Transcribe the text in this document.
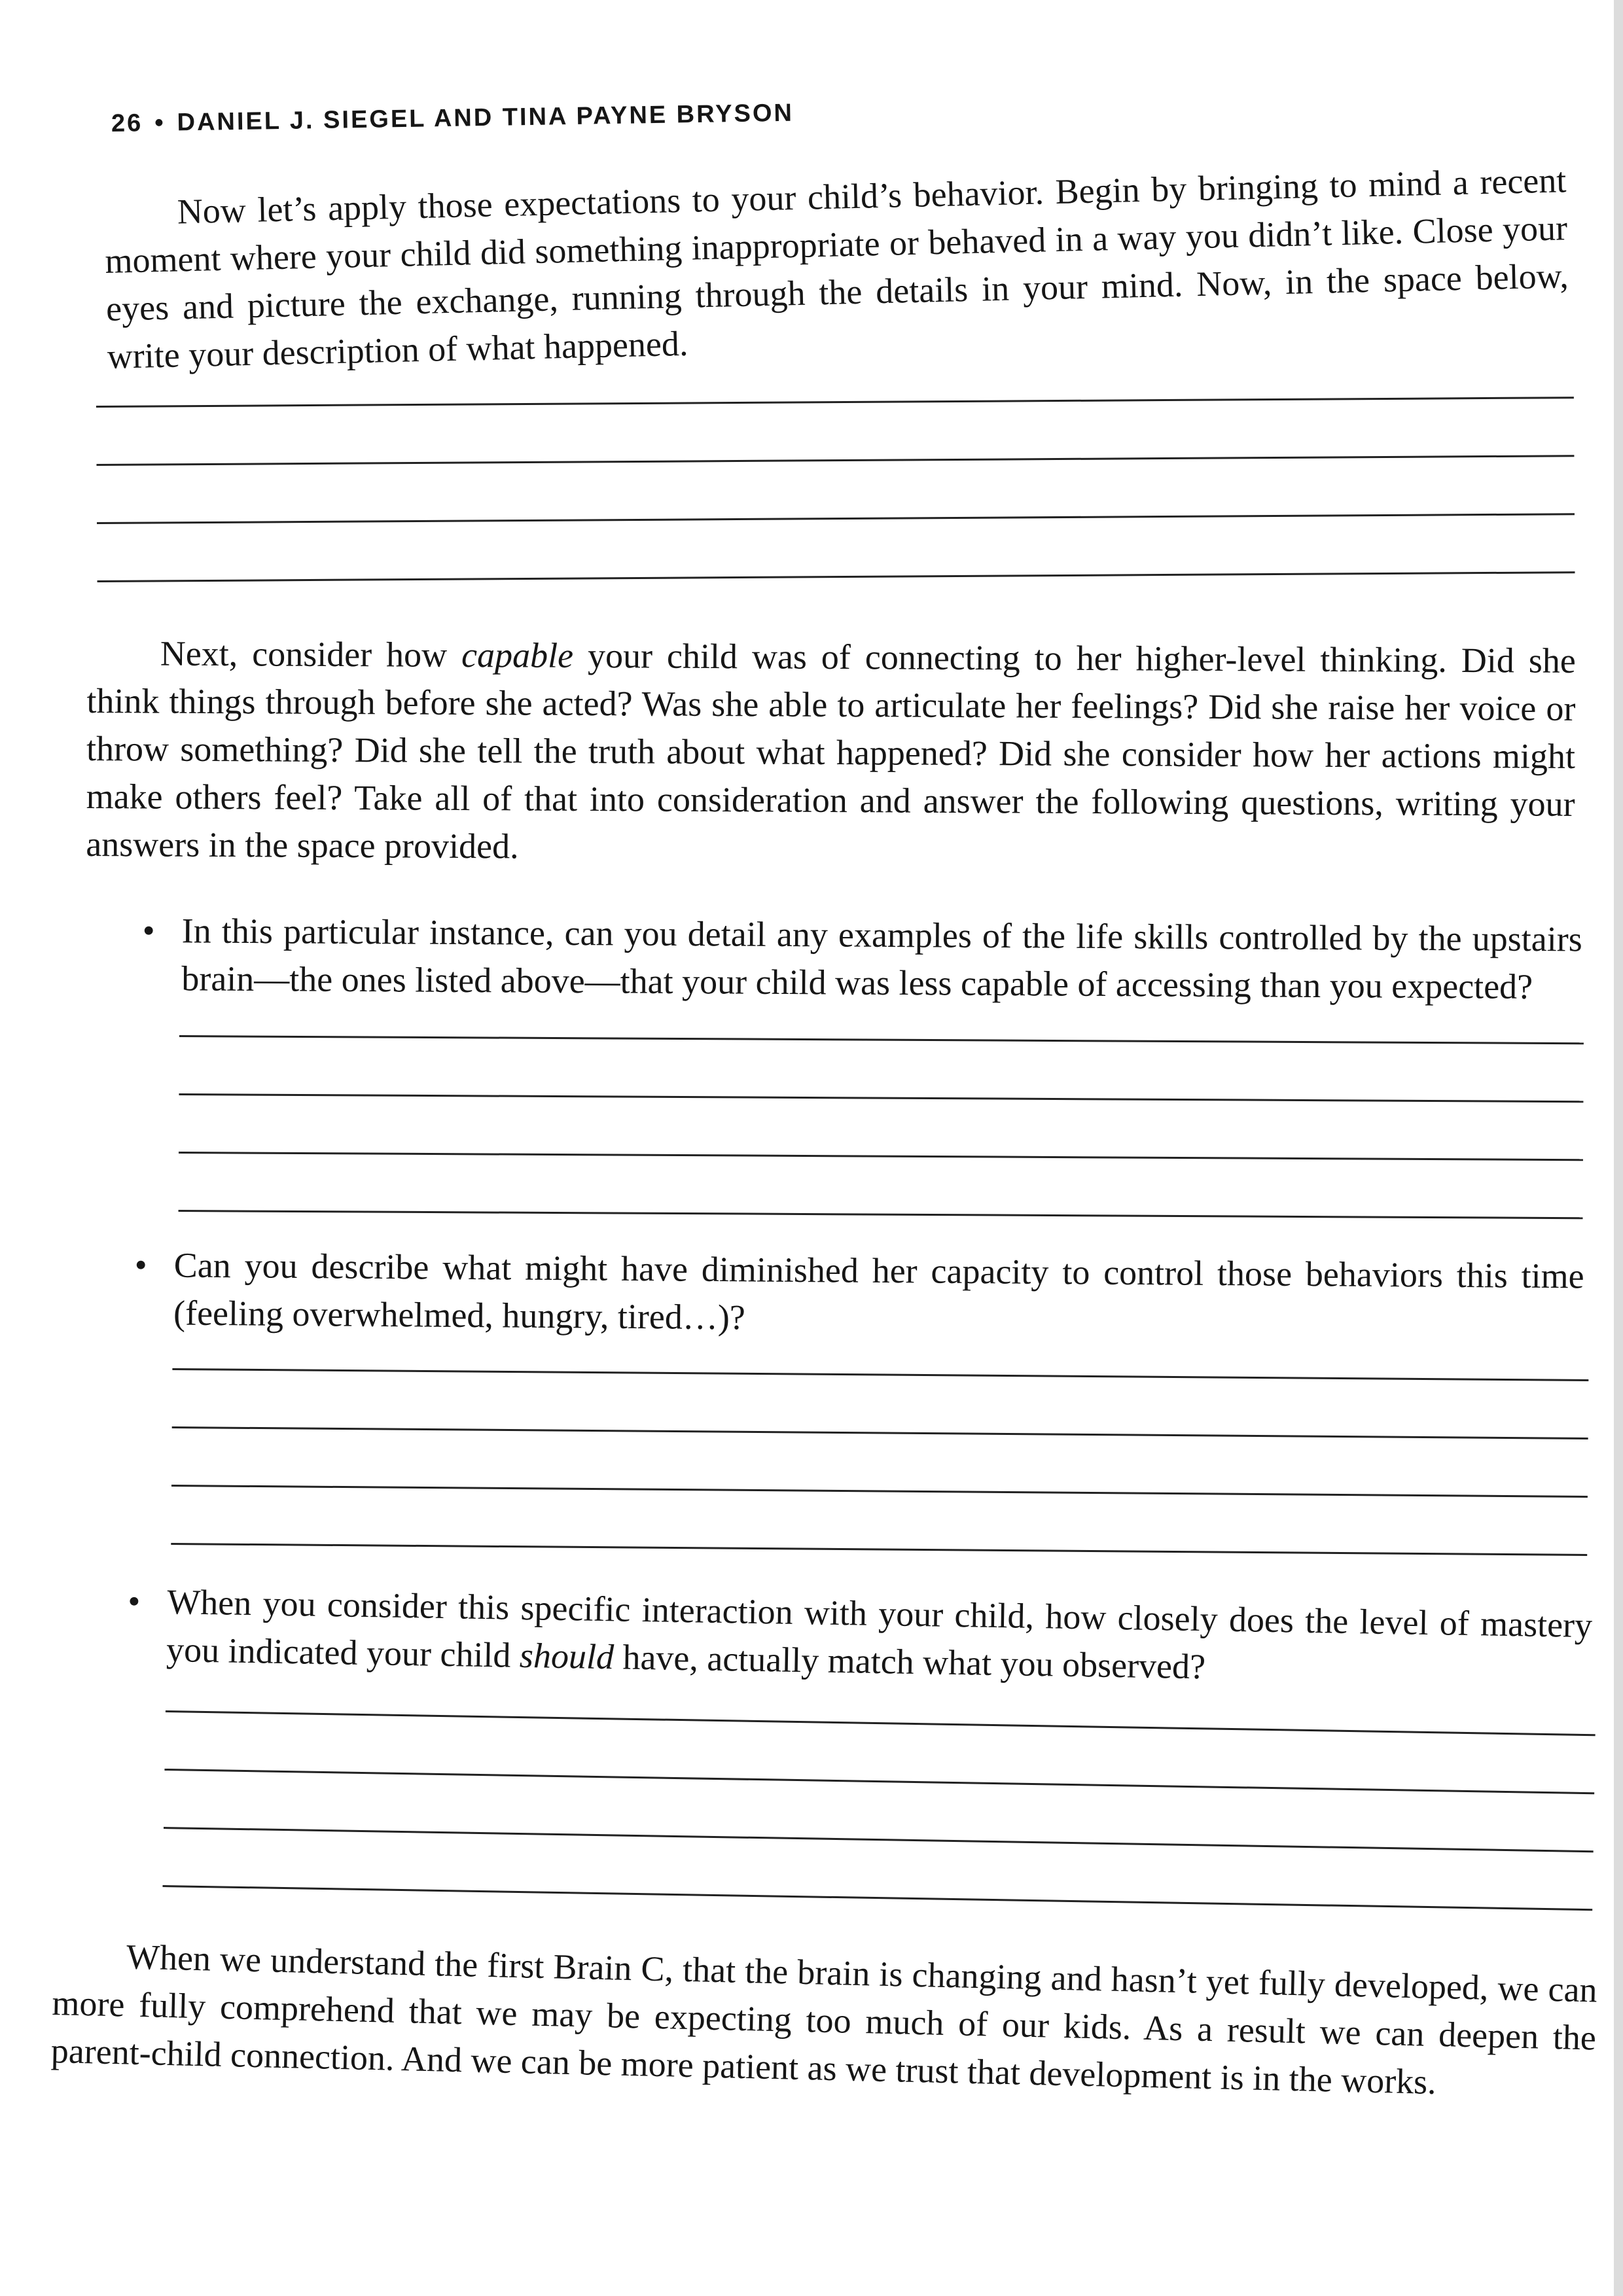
26 • DANIEL J. SIEGEL AND TINA PAYNE BRYSON

Now let’s apply those expectations to your child’s behavior. Begin by bringing to mind a recent moment where your child did something inappropriate or behaved in a way you didn’t like. Close your eyes and picture the exchange, running through the details in your mind. Now, in the space below, write your description of what happened.

Next, consider how capable your child was of connecting to her higher-level thinking. Did she think things through before she acted? Was she able to articulate her feelings? Did she raise her voice or throw something? Did she tell the truth about what happened? Did she consider how her actions might make others feel? Take all of that into consideration and answer the following questions, writing your answers in the space provided.

• In this particular instance, can you detail any examples of the life skills controlled by the upstairs brain—the ones listed above—that your child was less capable of accessing than you expected?

• Can you describe what might have diminished her capacity to control those behaviors this time (feeling overwhelmed, hungry, tired…)?

• When you consider this specific interaction with your child, how closely does the level of mastery you indicated your child should have, actually match what you observed?

When we understand the first Brain C, that the brain is changing and hasn’t yet fully developed, we can more fully comprehend that we may be expecting too much of our kids. As a result we can deepen the parent-child connection. And we can be more patient as we trust that development is in the works.
